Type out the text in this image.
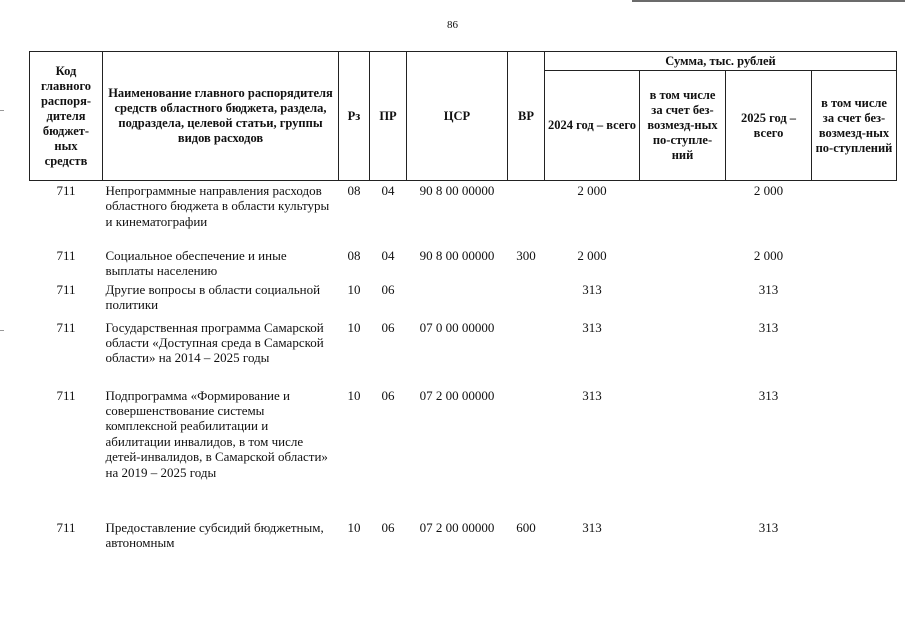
86
Код главного распоря-дителя бюджет-ных средств	Наименование главного распорядителя средств областного бюджета, раздела, подраздела, целевой статьи, группы видов расходов	Рз	ПР	ЦСР	ВР	Сумма, тыс. рублей			
						2024 год – всего	в том числе за счет без-возмезд-ных по-ступле-ний	2025 год – всего	в том числе за счет без-возмезд-ных по-ступлений
711	Непрограммные направления расходов областного бюджета в области культуры и кинематографии	08	04	90 8 00 00000		2 000		2 000	
711	Социальное обеспечение и иные выплаты населению	08	04	90 8 00 00000	300	2 000		2 000	
711	Другие вопросы в области социальной политики	10	06			313		313	
711	Государственная программа Самарской области «Доступная среда в Самарской области» на 2014 – 2025 годы	10	06	07 0 00 00000		313		313	
711	Подпрограмма «Формирование и совершенствование системы комплексной реабилитации и абилитации инвалидов, в том числе детей-инвалидов, в Самарской области» на 2019 – 2025 годы	10	06	07 2 00 00000		313		313	
711	Предоставление субсидий бюджетным, автономным	10	06	07 2 00 00000	600	313		313	
